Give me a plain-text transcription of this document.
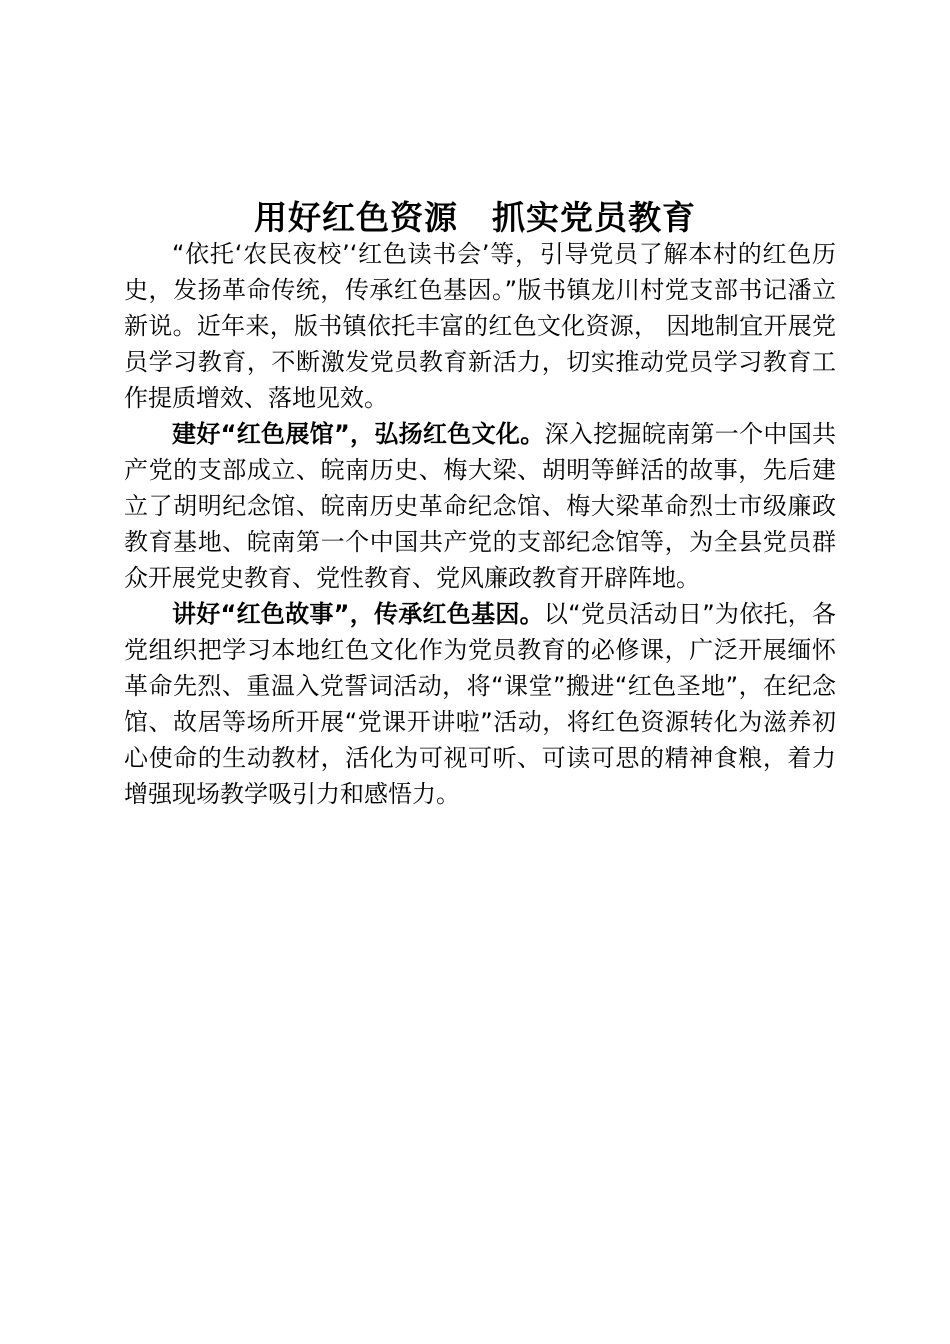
用好红色资源　抓实党员教育

“依托‘农民夜校’‘红色读书会’等，引导党员了解本村的红色历史，发扬革命传统，传承红色基因。”版书镇龙川村党支部书记潘立新说。近年来，版书镇依托丰富的红色文化资源， 因地制宜开展党员学习教育，不断激发党员教育新活力，切实推动党员学习教育工作提质增效、落地见效。

建好“红色展馆”，弘扬红色文化。深入挖掘皖南第一个中国共产党的支部成立、皖南历史、梅大梁、胡明等鲜活的故事，先后建立了胡明纪念馆、皖南历史革命纪念馆、梅大梁革命烈士市级廉政教育基地、皖南第一个中国共产党的支部纪念馆等，为全县党员群众开展党史教育、党性教育、党风廉政教育开辟阵地。

讲好“红色故事”，传承红色基因。以“党员活动日”为依托，各党组织把学习本地红色文化作为党员教育的必修课，广泛开展缅怀革命先烈、重温入党誓词活动，将“课堂”搬进“红色圣地”，在纪念馆、故居等场所开展“党课开讲啦”活动，将红色资源转化为滋养初心使命的生动教材，活化为可视可听、可读可思的精神食粮，着力增强现场教学吸引力和感悟力。
